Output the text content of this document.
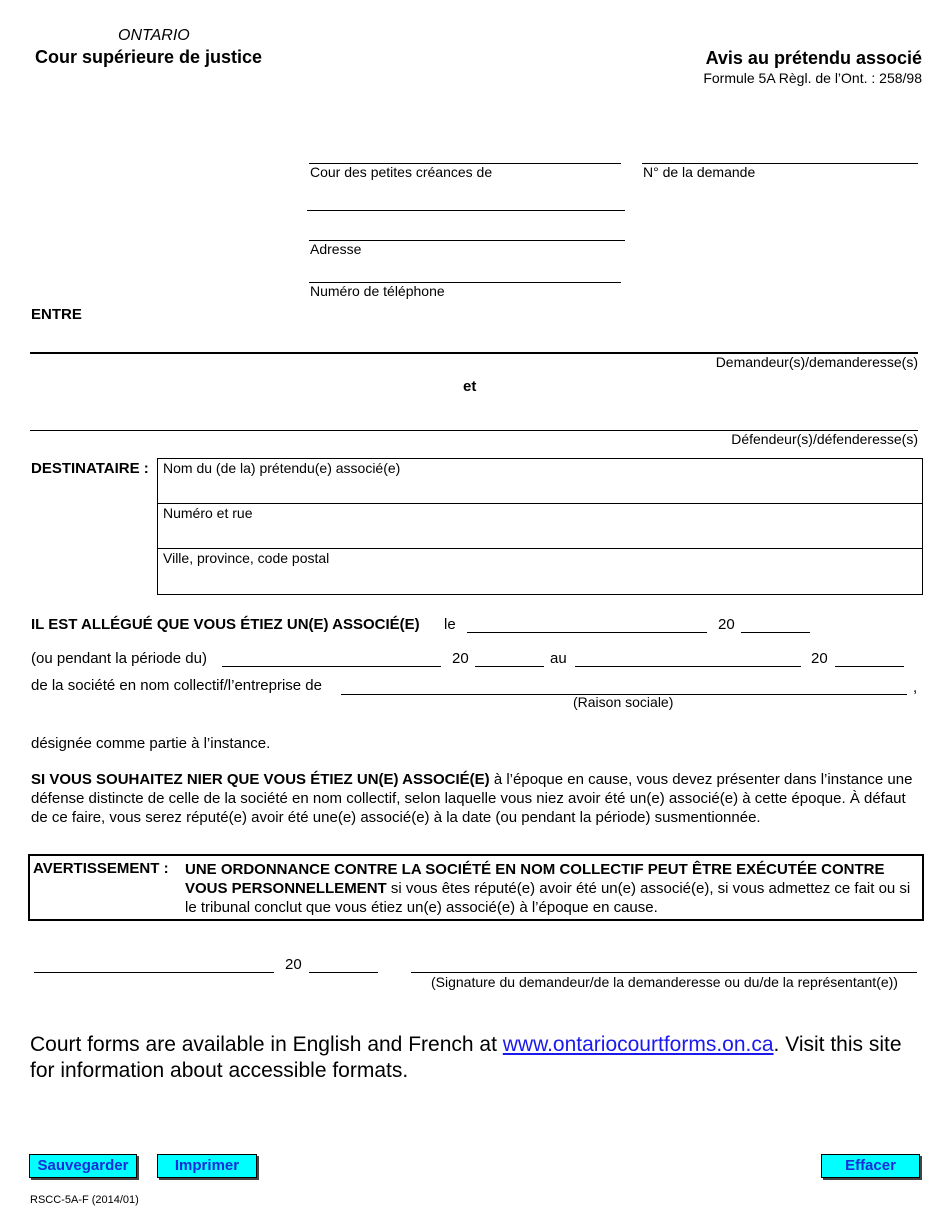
ONTARIO
Cour supérieure de justice	Avis au prétendu associé
Formule 5A Règl. de l’Ont. : 258/98
Cour des petites créances de	N° de la demande
Adresse
Numéro de téléphone
ENTRE
Demandeur(s)/demanderesse(s)
et
Défendeur(s)/défenderesse(s)
DESTINATAIRE : Nom du (de la) prétendu(e) associé(e)
Numéro et rue
Ville, province, code postal
IL EST ALLÉGUÉ QUE VOUS ÉTIEZ UN(E) ASSOCIÉ(E) le	20
(ou pendant la période du)	20	au	20
de la société en nom collectif/l’entreprise de	,
(Raison sociale)
désignée comme partie à l’instance.
SI VOUS SOUHAITEZ NIER QUE VOUS ÉTIEZ UN(E) ASSOCIÉ(E) à l’époque en cause, vous devez présenter dans l’instance une défense distincte de celle de la société en nom collectif, selon laquelle vous niez avoir été un(e) associé(e) à cette époque. À défaut de ce faire, vous serez réputé(e) avoir été une(e) associé(e) à la date (ou pendant la période) susmentionnée.
AVERTISSEMENT : UNE ORDONNANCE CONTRE LA SOCIÉTÉ EN NOM COLLECTIF PEUT ÊTRE EXÉCUTÉE CONTRE VOUS PERSONNELLEMENT si vous êtes réputé(e) avoir été un(e) associé(e), si vous admettez ce fait ou si le tribunal conclut que vous étiez un(e) associé(e) à l’époque en cause.
20
(Signature du demandeur/de la demanderesse ou du/de la représentant(e))
Court forms are available in English and French at www.ontariocourtforms.on.ca. Visit this site for information about accessible formats.
Sauvegarder	Imprimer	Effacer
RSCC-5A-F (2014/01)
